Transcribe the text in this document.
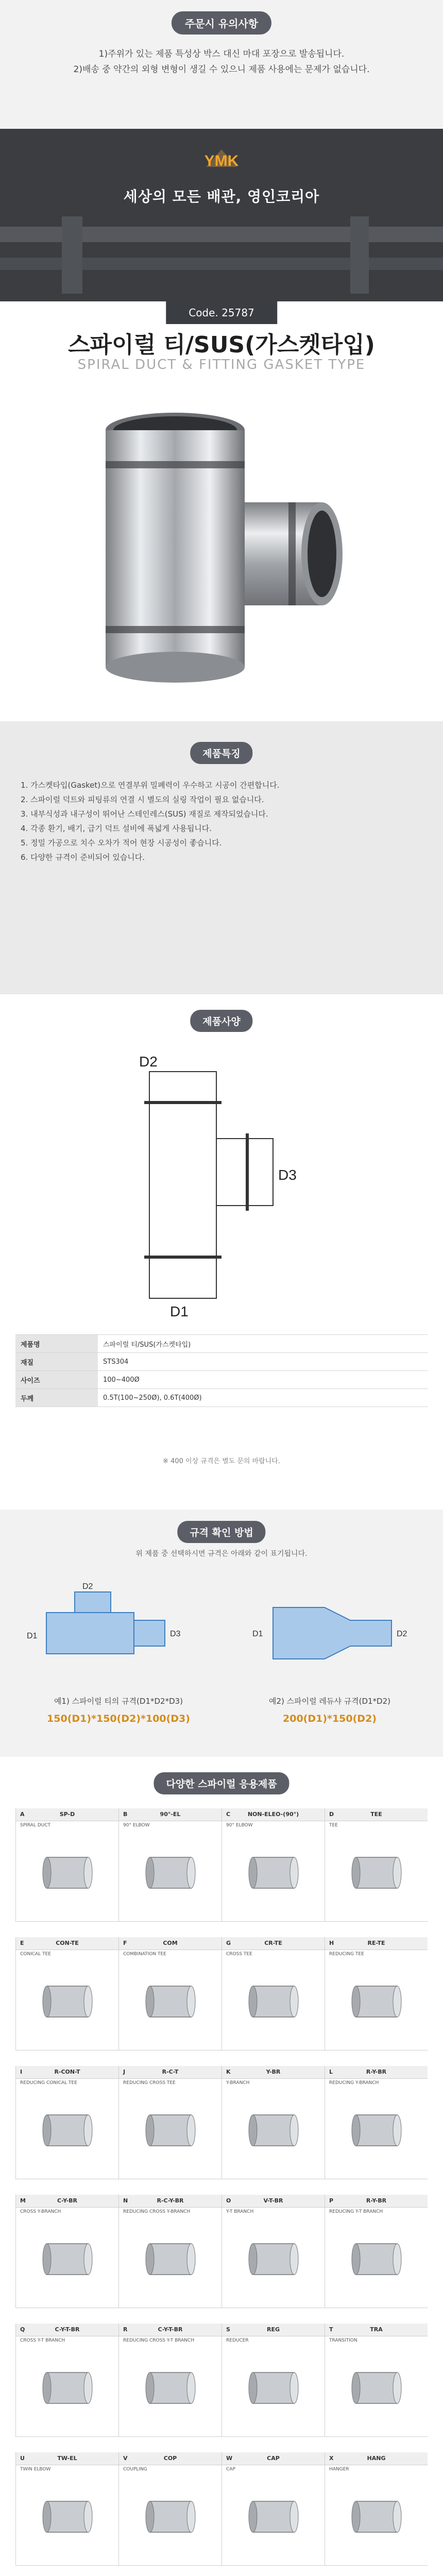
주문시 유의사항
1)주위가 있는 제품 특성상 박스 대신 마대 포장으로 발송됩니다.
2)배송 중 약간의 외형 변형이 생길 수 있으니 제품 사용에는 문제가 없습니다.
YMK
세상의 모든 배관, 영인코리아
Code. 25787
스파이럴 티/SUS(가스켓타입)
SPIRAL DUCT & FITTING GASKET TYPE
제품특징
1. 가스켓타입(Gasket)으로 연결부위 밀폐력이 우수하고 시공이 간편합니다.
2. 스파이럴 덕트와 피팅류의 연결 시 별도의 실링 작업이 필요 없습니다.
3. 내부식성과 내구성이 뛰어난 스테인레스(SUS) 재질로 제작되었습니다.
4. 각종 환기, 배기, 급기 덕트 설비에 폭넓게 사용됩니다.
5. 정밀 가공으로 치수 오차가 적어 현장 시공성이 좋습니다.
6. 다양한 규격이 준비되어 있습니다.
제품사양
D2
D3
D1
제품명	스파이럴 티/SUS(가스켓타입)
재질	STS304
사이즈	100~400Ø
두께	0.5T(100~250Ø), 0.6T(400Ø)
※ 400 이상 규격은 별도 문의 바랍니다.
규격 확인 방법
위 제품 중 선택하시면 규격은 아래와 같이 표기됩니다.
D1
D2
D3	D1	D2
예1) 스파이럴 티의 규격(D1*D2*D3)
150(D1)*150(D2)*100(D3)
예2) 스파이럴 레듀샤 규격(D1*D2)
200(D1)*150(D2)
다양한 스파이럴 응용제품
A	SP-D
SPIRAL DUCT
B	90°-EL
90° ELBOW
C	NON-ELEO-(90°)
90° ELBOW
D	TEE
TEE
E	CON-TE
CONICAL TEE
F	COM
COMBINATION TEE
G	CR-TE
CROSS TEE
H	RE-TE
REDUCING TEE
I	R-CON-T
REDUCING CONICAL TEE
J	R-C-T
REDUCING CROSS TEE
K	Y-BR
Y-BRANCH
L	R-Y-BR
REDUCING Y-BRANCH
M	C-Y-BR
CROSS Y-BRANCH
N	R-C-Y-BR
REDUCING CROSS Y-BRANCH
O	V-T-BR
Y-T BRANCH
P	R-Y-BR
REDUCING Y-T BRANCH
Q	C-Y-T-BR
CROSS Y-T BRANCH
R	C-Y-T-BR
REDUCING CROSS Y-T BRANCH
S	REG
REDUCER
T	TRA
TRANSITION
U	TW-EL
TWIN ELBOW
V	COP
COUPLING
W	CAP
CAP
X	HANG
HANGER
